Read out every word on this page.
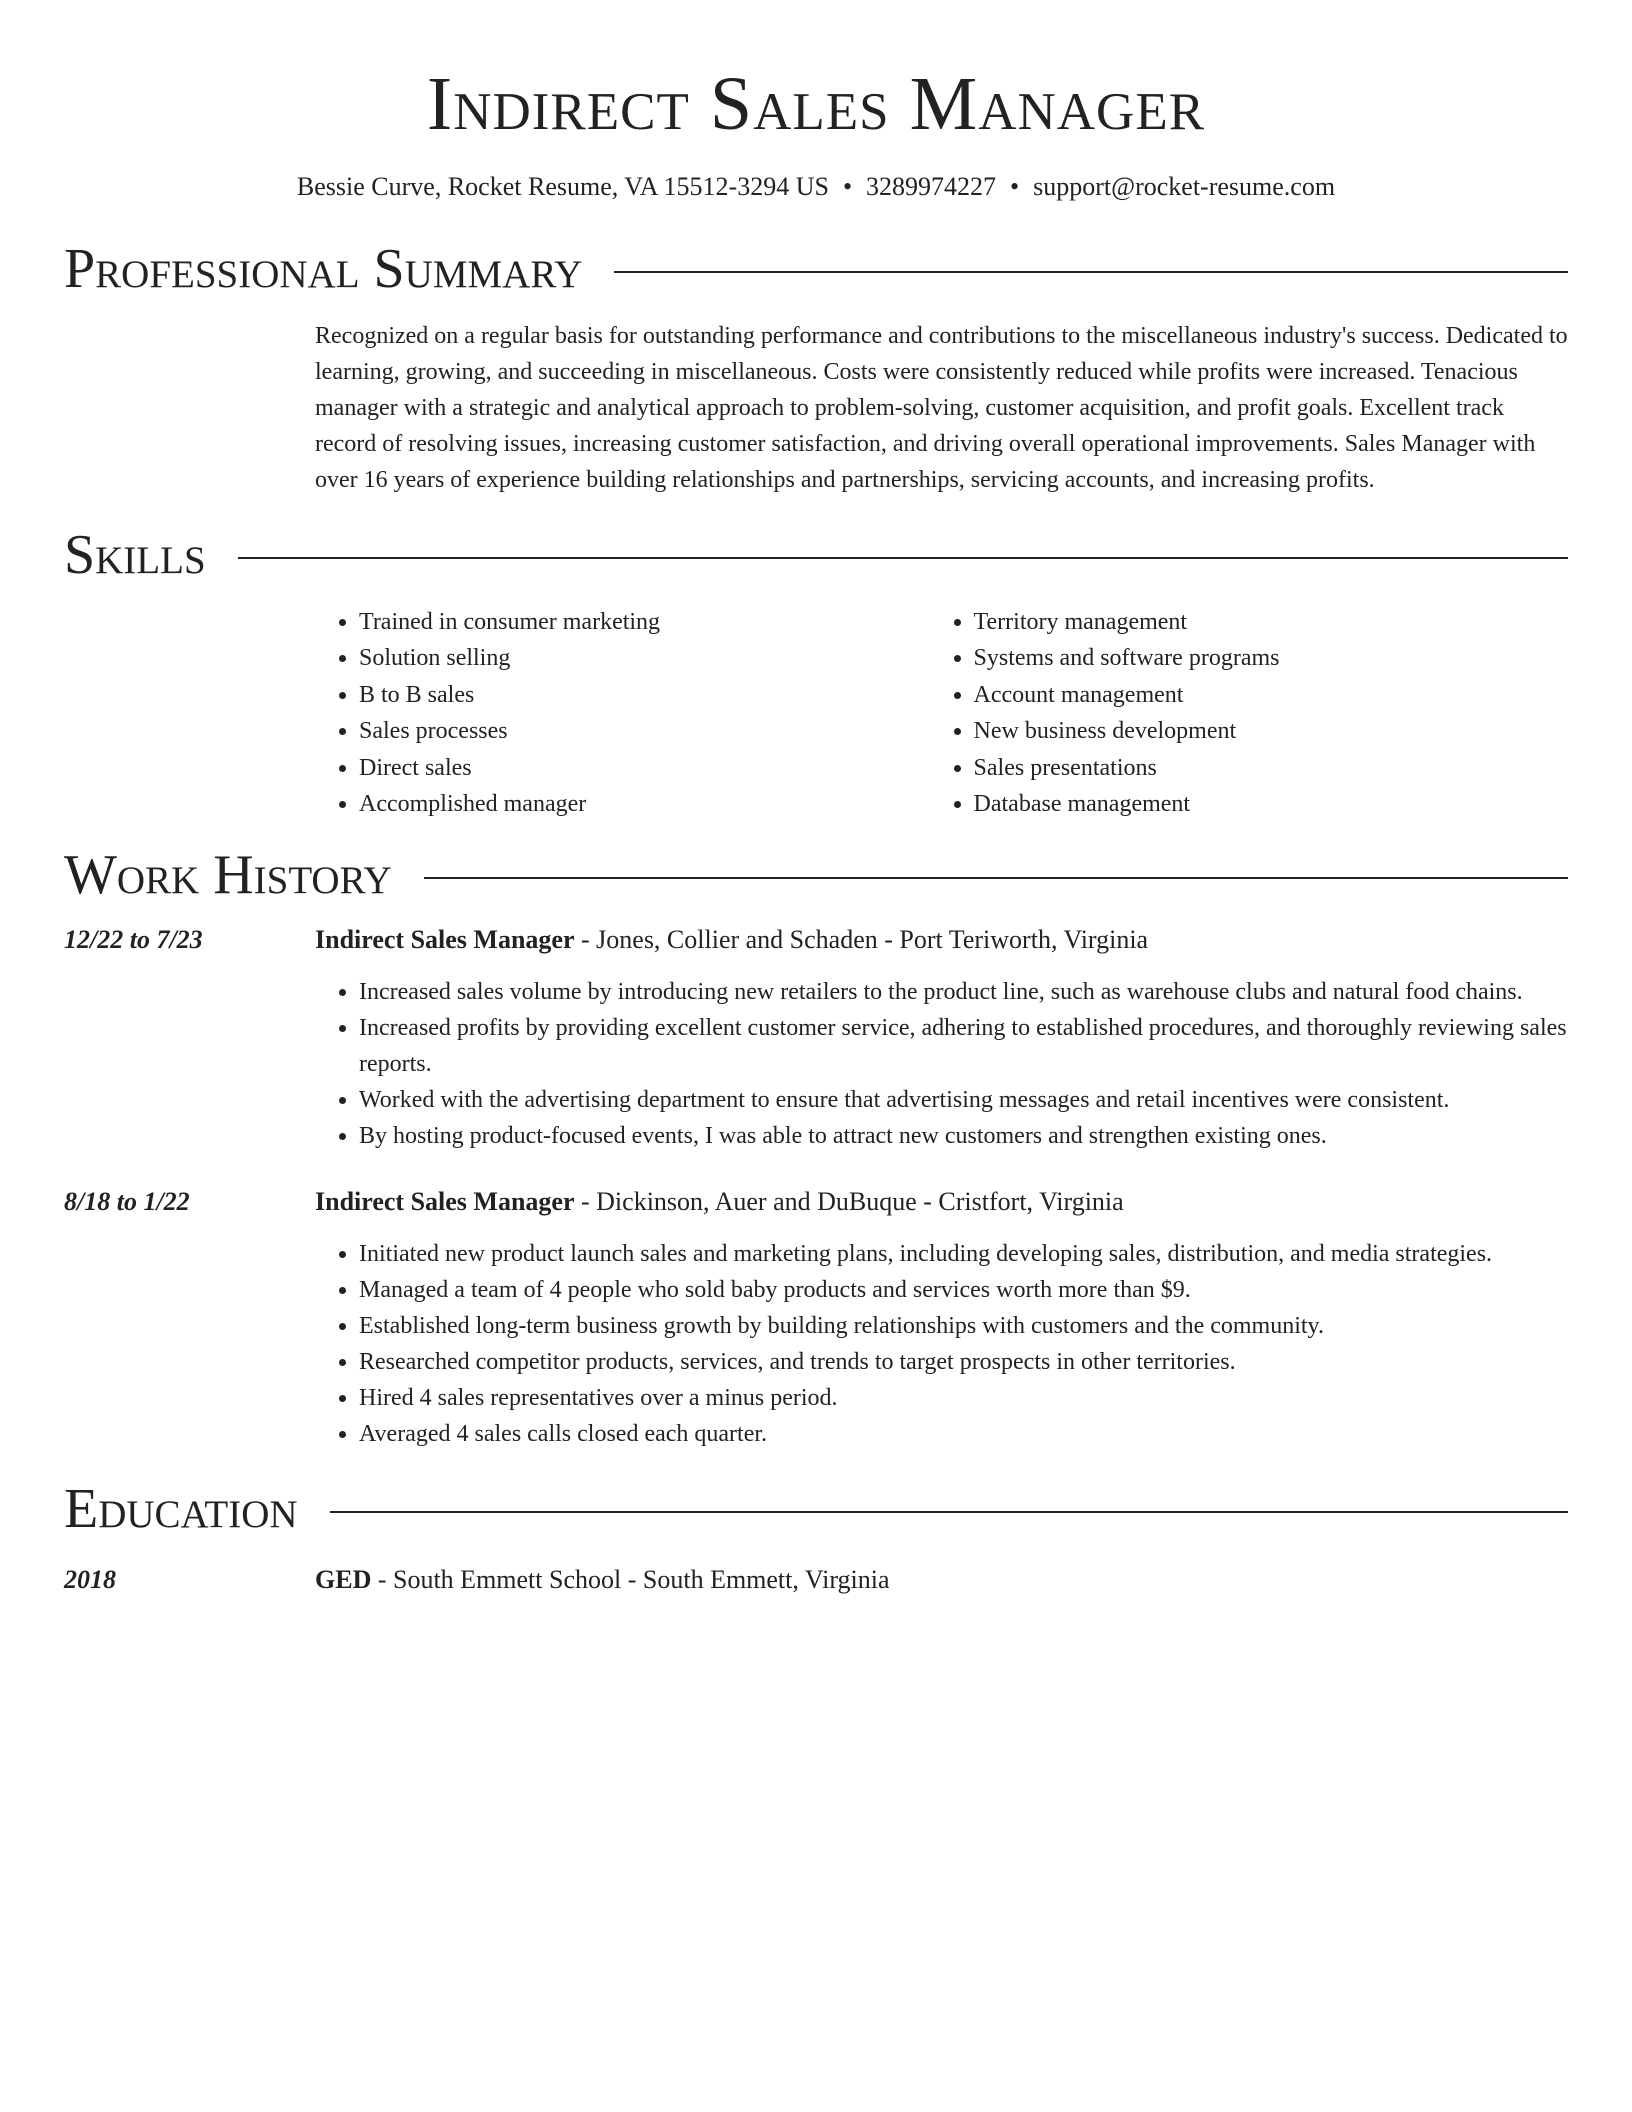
Indirect Sales Manager
Bessie Curve, Rocket Resume, VA 15512-3294 US • 3289974227 • support@rocket-resume.com
Professional Summary
Recognized on a regular basis for outstanding performance and contributions to the miscellaneous industry's success. Dedicated to learning, growing, and succeeding in miscellaneous. Costs were consistently reduced while profits were increased. Tenacious manager with a strategic and analytical approach to problem-solving, customer acquisition, and profit goals. Excellent track record of resolving issues, increasing customer satisfaction, and driving overall operational improvements. Sales Manager with over 16 years of experience building relationships and partnerships, servicing accounts, and increasing profits.
Skills
• Trained in consumer marketing
• Solution selling
• B to B sales
• Sales processes
• Direct sales
• Accomplished manager
• Territory management
• Systems and software programs
• Account management
• New business development
• Sales presentations
• Database management
Work History
12/22 to 7/23	Indirect Sales Manager - Jones, Collier and Schaden - Port Teriworth, Virginia
• Increased sales volume by introducing new retailers to the product line, such as warehouse clubs and natural food chains.
• Increased profits by providing excellent customer service, adhering to established procedures, and thoroughly reviewing sales reports.
• Worked with the advertising department to ensure that advertising messages and retail incentives were consistent.
• By hosting product-focused events, I was able to attract new customers and strengthen existing ones.
8/18 to 1/22	Indirect Sales Manager - Dickinson, Auer and DuBuque - Cristfort, Virginia
• Initiated new product launch sales and marketing plans, including developing sales, distribution, and media strategies.
• Managed a team of 4 people who sold baby products and services worth more than $9.
• Established long-term business growth by building relationships with customers and the community.
• Researched competitor products, services, and trends to target prospects in other territories.
• Hired 4 sales representatives over a minus period.
• Averaged 4 sales calls closed each quarter.
Education
2018	GED - South Emmett School - South Emmett, Virginia
